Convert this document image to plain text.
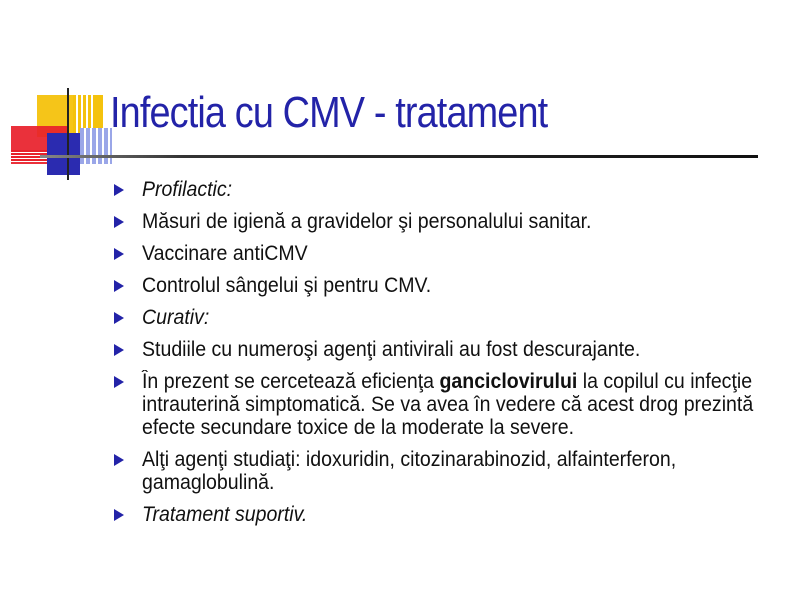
Infectia cu CMV - tratament
Profilactic:
Măsuri de igienă a gravidelor şi personalului sanitar.
Vaccinare antiCMV
Controlul sângelui şi pentru CMV.
Curativ:
Studiile cu numeroşi agenţi antivirali au fost descurajante.
În prezent se cercetează eficienţa ganciclovirului la copilul cu infecţie intrauterină simptomatică. Se va avea în vedere că acest drog prezintă efecte secundare toxice de la moderate la severe.
Alţi agenţi studiaţi: idoxuridin, citozinarabinozid, alfainterferon, gamaglobulină.
Tratament suportiv.
